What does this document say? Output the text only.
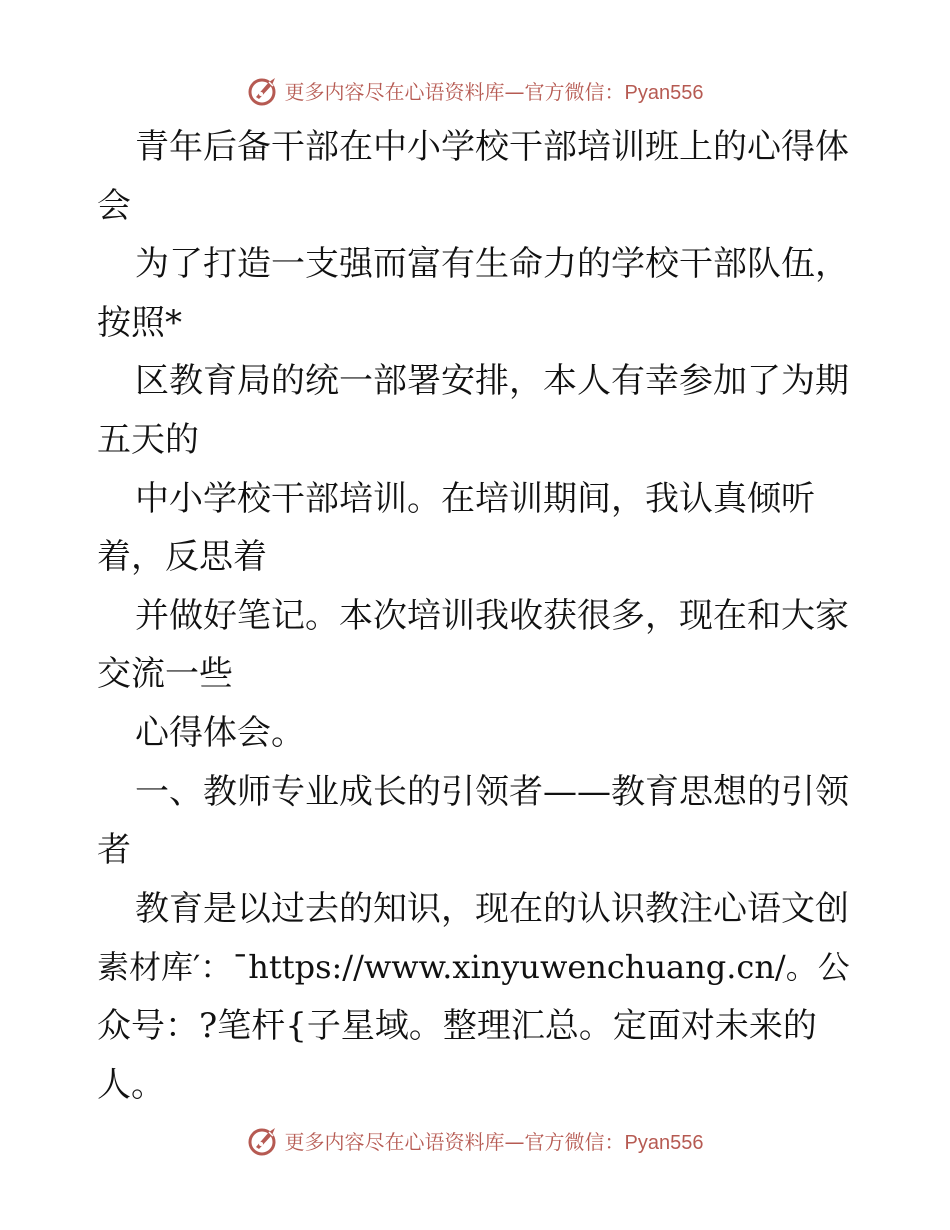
更多内容尽在心语资料库—官方微信：Pyan556
青年后备干部在中小学校干部培训班上的心得体
会
为了打造一支强而富有生命力的学校干部队伍，
按照*
区教育局的统一部署安排，本人有幸参加了为期
五天的
中小学校干部培训。在培训期间，我认真倾听
着，反思着
并做好笔记。本次培训我收获很多，现在和大家
交流一些
心得体会。
一、教师专业成长的引领者——教育思想的引领
者
教育是以过去的知识，现在的认识教注心语文创
素材库′：¯https://www.xinyuwenchuang.cn/。公
众号：?笔杆{子星域。整理汇总。定面对未来的
人。
更多内容尽在心语资料库—官方微信：Pyan556
